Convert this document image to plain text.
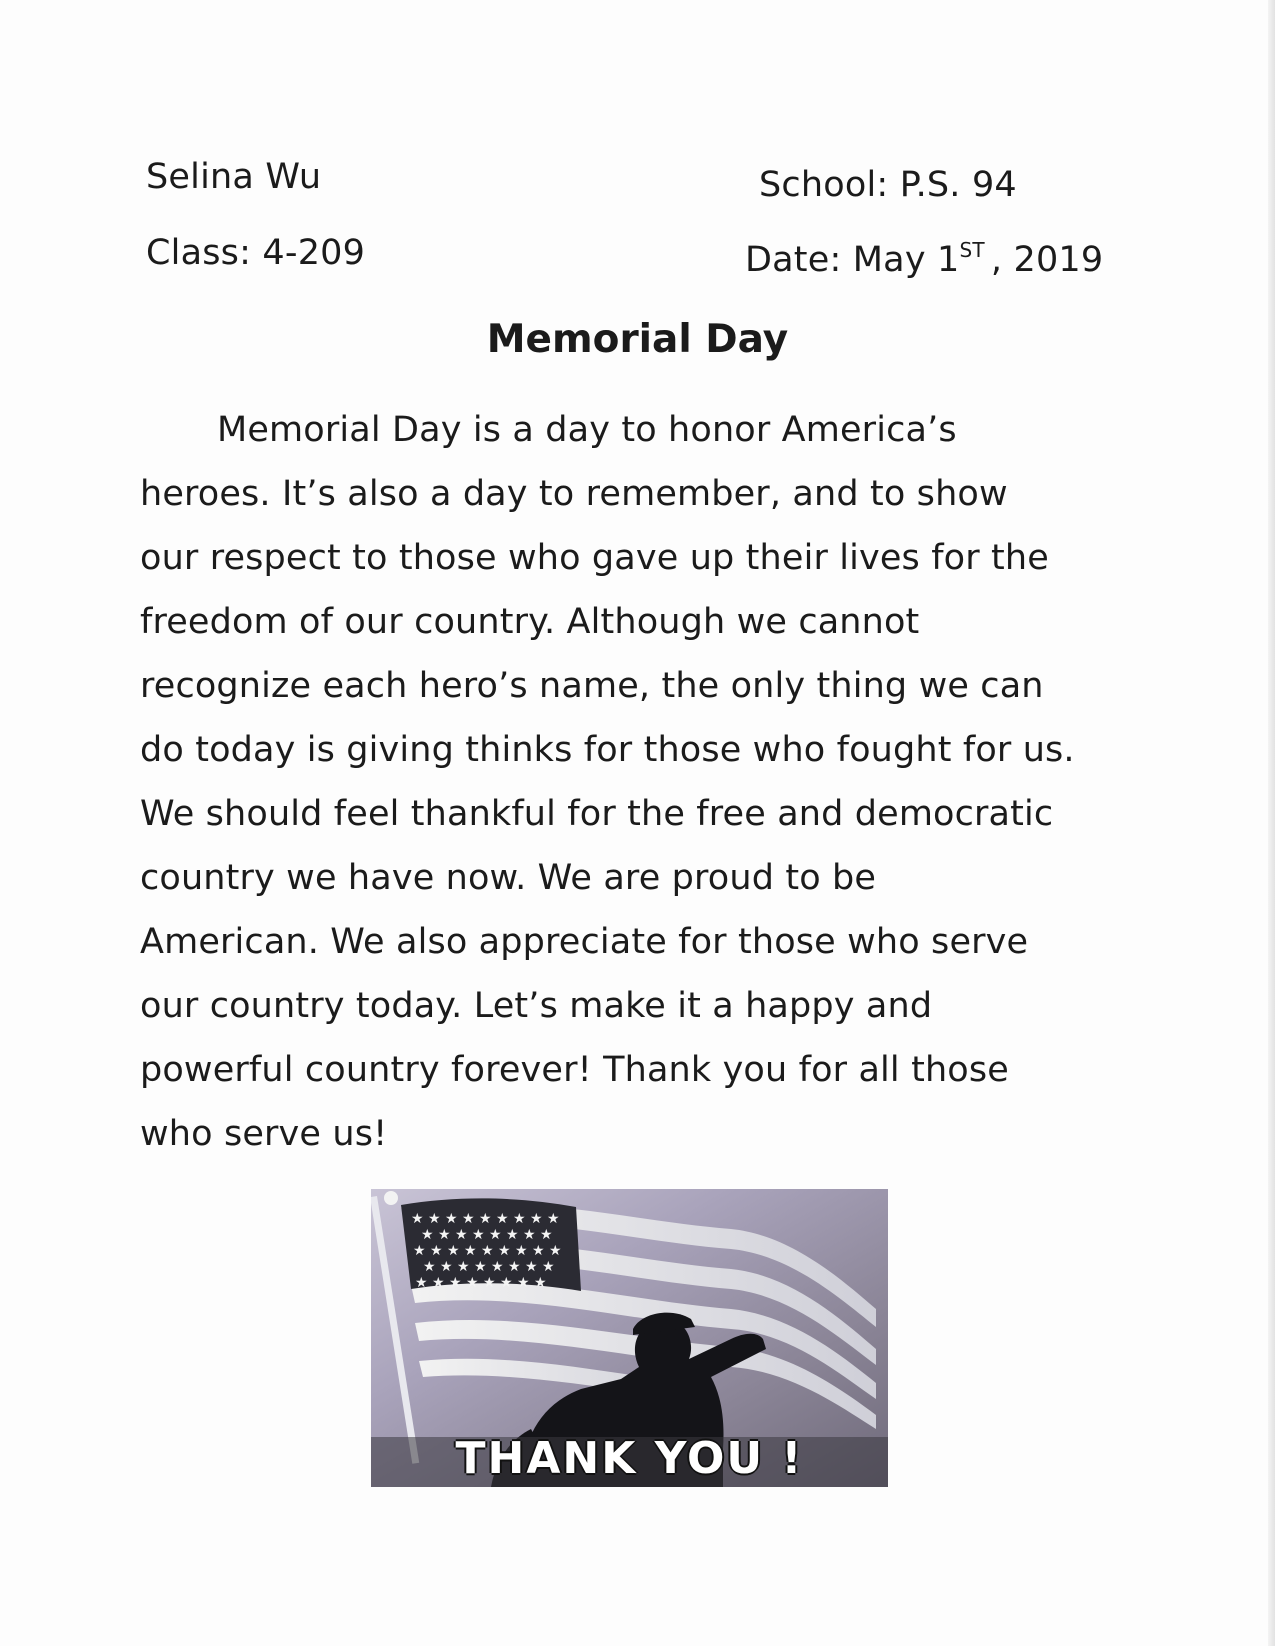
Selina Wu
Class: 4-209
School: P.S. 94
Date: May 1ST , 2019
Memorial Day
Memorial Day is a day to honor America’s
heroes. It’s also a day to remember, and to show
our respect to those who gave up their lives for the
freedom of our country. Although we cannot
recognize each hero’s name, the only thing we can
do today is giving thinks for those who fought for us.
We should feel thankful for the free and democratic
country we have now. We are proud to be
American. We also appreciate for those who serve
our country today. Let’s make it a happy and
powerful country forever! Thank you for all those
who serve us!
★ ★ ★ ★ ★ ★ ★ ★ ★
★ ★ ★ ★ ★ ★ ★ ★
★ ★ ★ ★ ★ ★ ★ ★ ★
★ ★ ★ ★ ★ ★ ★ ★
★ ★ ★ ★ ★ ★ ★ ★
THANK YOU !
